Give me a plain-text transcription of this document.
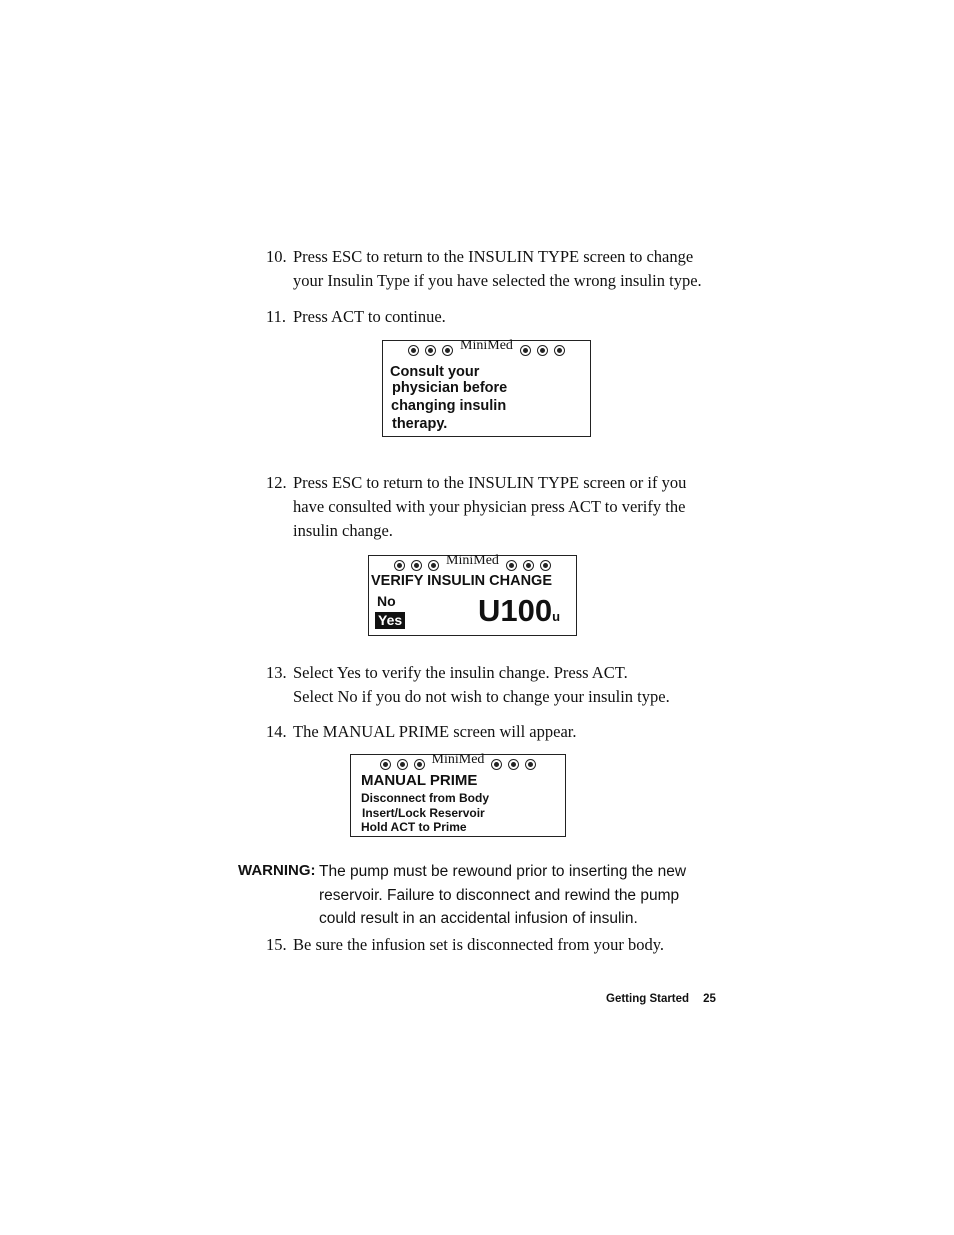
10. Press ESC to return to the INSULIN TYPE screen to change
your Insulin Type if you have selected the wrong insulin type.
11. Press ACT to continue.
MiniMed
Consult your
physician before
changing insulin
therapy.
12. Press ESC to return to the INSULIN TYPE screen or if you
have consulted with your physician press ACT to verify the
insulin change.
MiniMed
VERIFY INSULIN CHANGE
No
Yes U100u
13. Select Yes to verify the insulin change. Press ACT.
Select No if you do not wish to change your insulin type.
14. The MANUAL PRIME screen will appear.
MiniMed
MANUAL PRIME
Disconnect from Body
Insert/Lock Reservoir
Hold ACT to Prime
WARNING: The pump must be rewound prior to inserting the new
reservoir. Failure to disconnect and rewind the pump
could result in an accidental infusion of insulin.
15. Be sure the infusion set is disconnected from your body.
Getting Started 25
